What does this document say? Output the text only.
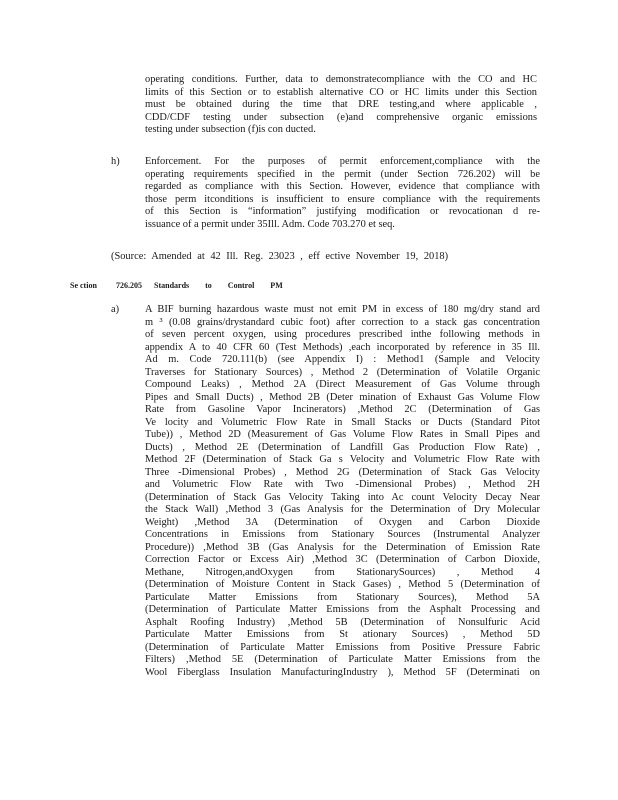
operating conditions. Further, data to demonstratecompliance with the CO and HC
limits of this Section or to establish alternative CO or HC limits under this Section
must be obtained during the time that DRE testing,and where applicable ,
CDD/CDF testing under subsection (e)and comprehensive organic emissions
testing under subsection (f)is con ducted.
h) Enforcement. For the purposes of permit enforcement,compliance with the
operating requirements specified in the permit (under Section 726.202) will be
regarded as compliance with this Section. However, evidence that compliance with
those perm itconditions is insufficient to ensure compliance with the requirements
of this Section is “information” justifying modification or revocationan d re-
issuance of a permit under 35Ill. Adm. Code 703.270 et seq.
(Source: Amended at 42 Ill. Reg. 23023 , eff ective November 19, 2018)
Se ction 726.205 Standards to Control PM
a) A BIF burning hazardous waste must not emit PM in excess of 180 mg/dry stand ard
m ³ (0.08 grains/drystandard cubic foot) after correction to a stack gas concentration
of seven percent oxygen, using procedures prescribed inthe following methods in
appendix A to 40 CFR 60 (Test Methods) ,each incorporated by reference in 35 Ill.
Ad m. Code 720.111(b) (see Appendix I) : Method1 (Sample and Velocity
Traverses for Stationary Sources) , Method 2 (Determination of Volatile Organic
Compound Leaks) , Method 2A (Direct Measurement of Gas Volume through
Pipes and Small Ducts) , Method 2B (Deter mination of Exhaust Gas Volume Flow
Rate from Gasoline Vapor Incinerators) ,Method 2C (Determination of Gas
Ve locity and Volumetric Flow Rate in Small Stacks or Ducts (Standard Pitot
Tube)) , Method 2D (Measurement of Gas Volume Flow Rates in Small Pipes and
Ducts) , Method 2E (Determination of Landfill Gas Production Flow Rate) ,
Method 2F (Determination of Stack Ga s Velocity and Volumetric Flow Rate with
Three -Dimensional Probes) , Method 2G (Determination of Stack Gas Velocity
and Volumetric Flow Rate with Two -Dimensional Probes) , Method 2H
(Determination of Stack Gas Velocity Taking into Ac count Velocity Decay Near
the Stack Wall) ,Method 3 (Gas Analysis for the Determination of Dry Molecular
Weight) ,Method 3A (Determination of Oxygen and Carbon Dioxide
Concentrations in Emissions from Stationary Sources (Instrumental Analyzer
Procedure)) ,Method 3B (Gas Analysis for the Determination of Emission Rate
Correction Factor or Excess Air) ,Method 3C (Determination of Carbon Dioxide,
Methane, Nitrogen,andOxygen from StationarySources) , Method 4
(Determination of Moisture Content in Stack Gases) , Method 5 (Determination of
Particulate Matter Emissions from Stationary Sources), Method 5A
(Determination of Particulate Matter Emissions from the Asphalt Processing and
Asphalt Roofing Industry) ,Method 5B (Determination of Nonsulfuric Acid
Particulate Matter Emissions from St ationary Sources) , Method 5D
(Determination of Particulate Matter Emissions from Positive Pressure Fabric
Filters) ,Method 5E (Determination of Particulate Matter Emissions from the
Wool Fiberglass Insulation ManufacturingIndustry ), Method 5F (Determinati on
